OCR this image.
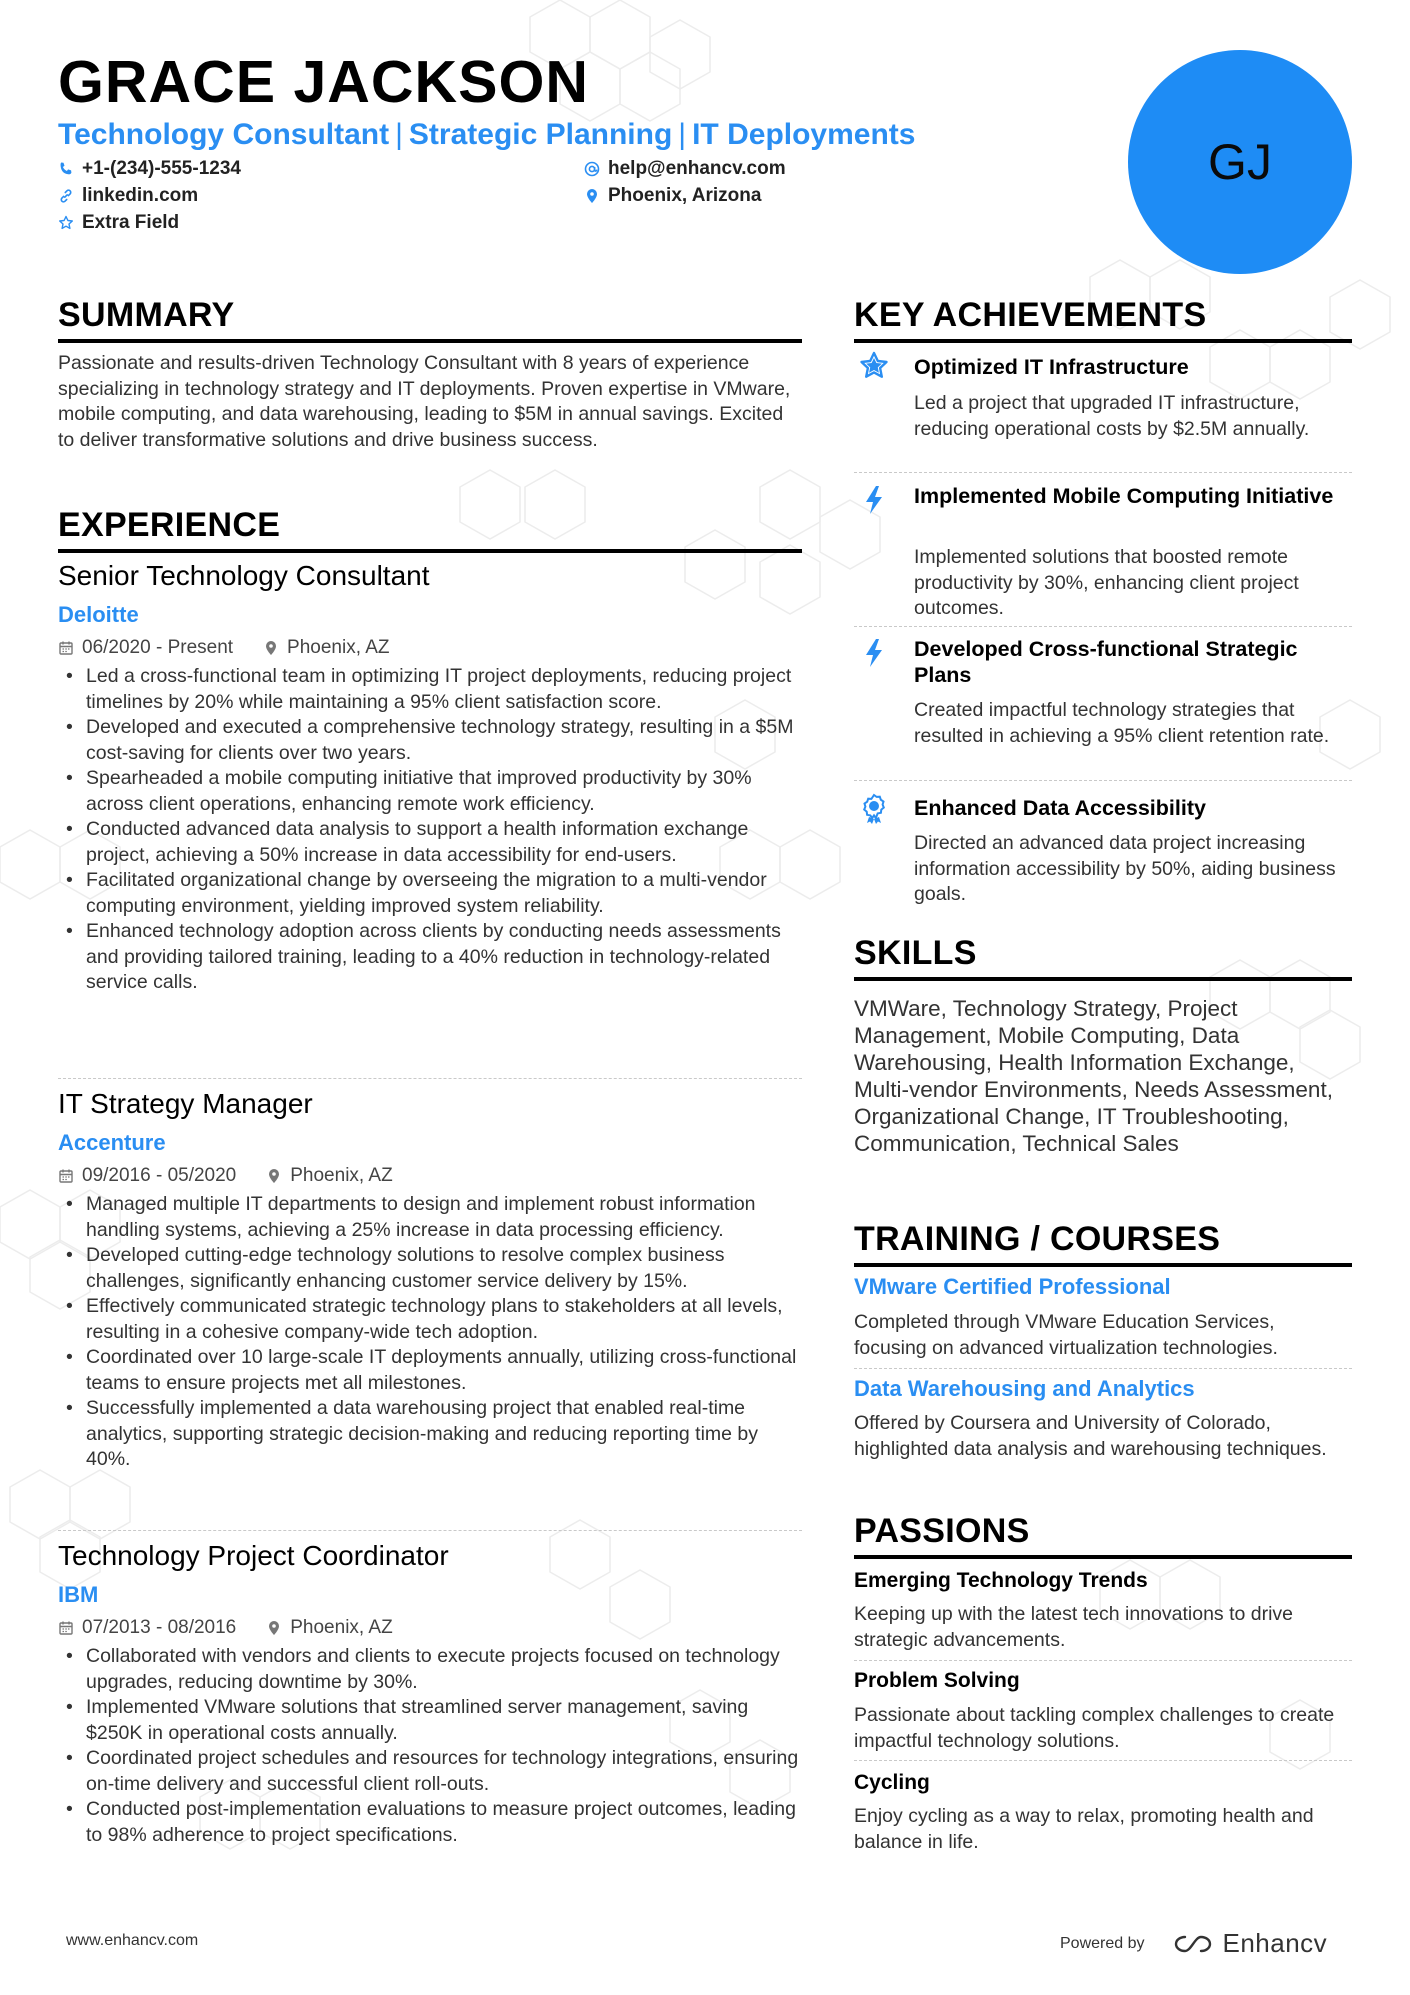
GRACE JACKSON
Technology Consultant | Strategic Planning | IT Deployments
+1-(234)-555-1234	help@enhancv.com
linkedin.com	Phoenix, Arizona
Extra Field
GJ
SUMMARY
Passionate and results-driven Technology Consultant with 8 years of experience specializing in technology strategy and IT deployments. Proven expertise in VMware, mobile computing, and data warehousing, leading to $5M in annual savings. Excited to deliver transformative solutions and drive business success.
EXPERIENCE
Senior Technology Consultant
Deloitte
06/2020 - Present	Phoenix, AZ
• Led a cross-functional team in optimizing IT project deployments, reducing project timelines by 20% while maintaining a 95% client satisfaction score.
• Developed and executed a comprehensive technology strategy, resulting in a $5M cost-saving for clients over two years.
• Spearheaded a mobile computing initiative that improved productivity by 30% across client operations, enhancing remote work efficiency.
• Conducted advanced data analysis to support a health information exchange project, achieving a 50% increase in data accessibility for end-users.
• Facilitated organizational change by overseeing the migration to a multi-vendor computing environment, yielding improved system reliability.
• Enhanced technology adoption across clients by conducting needs assessments and providing tailored training, leading to a 40% reduction in technology-related service calls.
IT Strategy Manager
Accenture
09/2016 - 05/2020	Phoenix, AZ
• Managed multiple IT departments to design and implement robust information handling systems, achieving a 25% increase in data processing efficiency.
• Developed cutting-edge technology solutions to resolve complex business challenges, significantly enhancing customer service delivery by 15%.
• Effectively communicated strategic technology plans to stakeholders at all levels, resulting in a cohesive company-wide tech adoption.
• Coordinated over 10 large-scale IT deployments annually, utilizing cross-functional teams to ensure projects met all milestones.
• Successfully implemented a data warehousing project that enabled real-time analytics, supporting strategic decision-making and reducing reporting time by 40%.
Technology Project Coordinator
IBM
07/2013 - 08/2016	Phoenix, AZ
• Collaborated with vendors and clients to execute projects focused on technology upgrades, reducing downtime by 30%.
• Implemented VMware solutions that streamlined server management, saving $250K in operational costs annually.
• Coordinated project schedules and resources for technology integrations, ensuring on-time delivery and successful client roll-outs.
• Conducted post-implementation evaluations to measure project outcomes, leading to 98% adherence to project specifications.
KEY ACHIEVEMENTS
Optimized IT Infrastructure
Led a project that upgraded IT infrastructure, reducing operational costs by $2.5M annually.
Implemented Mobile Computing Initiative
Implemented solutions that boosted remote productivity by 30%, enhancing client project outcomes.
Developed Cross-functional Strategic Plans
Created impactful technology strategies that resulted in achieving a 95% client retention rate.
Enhanced Data Accessibility
Directed an advanced data project increasing information accessibility by 50%, aiding business goals.
SKILLS
VMWare, Technology Strategy, Project Management, Mobile Computing, Data Warehousing, Health Information Exchange, Multi-vendor Environments, Needs Assessment, Organizational Change, IT Troubleshooting, Communication, Technical Sales
TRAINING / COURSES
VMware Certified Professional
Completed through VMware Education Services, focusing on advanced virtualization technologies.
Data Warehousing and Analytics
Offered by Coursera and University of Colorado, highlighted data analysis and warehousing techniques.
PASSIONS
Emerging Technology Trends
Keeping up with the latest tech innovations to drive strategic advancements.
Problem Solving
Passionate about tackling complex challenges to create impactful technology solutions.
Cycling
Enjoy cycling as a way to relax, promoting health and balance in life.
www.enhancv.com	Powered by	Enhancv
